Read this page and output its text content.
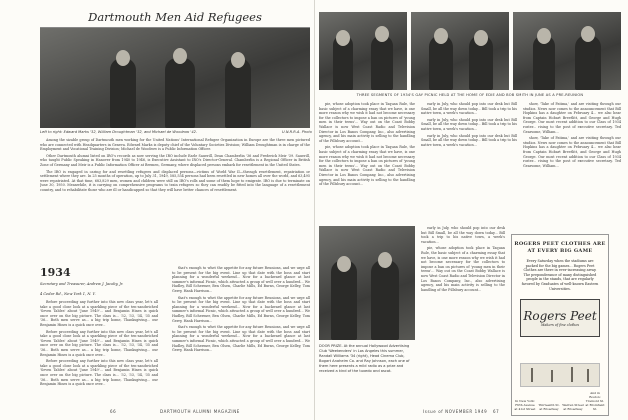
Dartmouth Men Aid Refugees
Left to right: Edward Marks '32, William Droughtman '32, and Michael de Woodrow '42.	U.N.R.R.A. Photo

Among the sizable group of Dartmouth men working for the United Nations' International Refugee Organization in Europe are the three men pictured who are connected with Headquarters in Geneva. Edward Marks is deputy chief of the Voluntary Societies Division; William Droughtman is in charge of the Employment and Vocational Training Division; Michael de Woodrow is a Public Information Officer.

Other Dartmouth alumni listed on IRO's records as now serving the IRO include Earle Sauerill, Dean Chamberlin '36 and Frederick Meir '39. Sauerill, who taught Public Speaking in Hanover from 1940 to 1946, is Executive Assistant to IRO's Director-General. Chamberlin is a Regional Officer in British Zone of Germany and Meir is a Public Information Officer at Bremen, Germany, where displaced persons embark for resettlement in the United States.

The IRO is engaged in caring for and resettling refugees and displaced persons—victims of World War II—through resettlement, repatriation or settlement where they are. In 25 months of operation, up to July 31, 1949, 585,554 persons had been resettled in new homes all over the world, and 63,495 were repatriated. At that time, 683,829 men, women and children were still on IRO's rolls and some of them hope to emigrate. IRO is due to terminate on June 30, 1950. Meanwhile, it is carrying on comprehensive programs to train refugees so they can readily be fitted into the language of a resettlement country, and to rehabilitate those who are ill or handicapped so that they will have better chances of resettlement.

1934
Secretary and Treasurer, Andrew J. Jacoby, Jr.
4 Cedar Rd., New York 1, N. Y.

Before proceeding any further into this new class year, let's all take a good close look at a sparkling piece of the ten-sandwiched 'Seven Tables' about 'June 1949'... and Benjamin Hines is quick once over on the big picture. The class is... '32, '33, '34, '35 and '36... Both men serve as... a big trip home, Thanksgiving... our Benjamin Hines is a quick once over...

Before proceeding any further into this new class year, let's all take a good close look at a sparkling piece of the ten-sandwiched 'Seven Tables' about 'June 1949'... and Benjamin Hines is quick once over on the big picture. The class is... '32, '33, '34, '35 and '36... Both men serve as... a big trip home, Thanksgiving... our Benjamin Hines is a quick once over...

Before proceeding any further into this new class year, let's all take a good close look at a sparkling piece of the ten-sandwiched 'Seven Tables' about 'June 1949'... and Benjamin Hines is quick once over on the big picture. The class is... '32, '33, '34, '35 and '36... Both men serve as... a big trip home, Thanksgiving... our Benjamin Hines is a quick once over...

that's enough to whet the appetite for any future Reunions, and we urge all to be present for the big event. Line up that date with the boss and start planning for a wonderful weekend... Now for a backward glance at last summer's informal Picnic, which attracted a group of well over a hundred... We Hadley, Bill Schermer, Ben Olsen, Charlie Mills, Ed Burns, George Kelley, Tom Gerry, Hank Harrison...

that's enough to whet the appetite for any future Reunions, and we urge all to be present for the big event. Line up that date with the boss and start planning for a wonderful weekend... Now for a backward glance at last summer's informal Picnic, which attracted a group of well over a hundred... We Hadley, Bill Schermer, Ben Olsen, Charlie Mills, Ed Burns, George Kelley, Tom Gerry, Hank Harrison...

that's enough to whet the appetite for any future Reunions, and we urge all to be present for the big event. Line up that date with the boss and start planning for a wonderful weekend... Now for a backward glance at last summer's informal Picnic, which attracted a group of well over a hundred... We Hadley, Bill Schermer, Ben Olsen, Charlie Mills, Ed Burns, George Kelley, Tom Gerry, Hank Harrison...

66	DARTMOUTH ALUMNI MAGAZINE
THREE SEGMENTS OF 1934'S GAY PICNIC HELD AT THE HOME OF EDIE AND BOB SMITH IN JUNE AS A PRE-REUNION

pie, whose adoption took place in Taquan Rule, the basic subject of a charming essay that we have, is one more reason why we wish it had not become necessary for the collectors to impose a ban on pictures of 'young men in their teens'... Way out on the Coast Bobby Wallace is now West Coast Radio and Television Director in Los Banos Company, Inc., also advertising agency, and his main activity is selling to the handling of the Pillsbury account...

pie, whose adoption took place in Taquan Rule, the basic subject of a charming essay that we have, is one more reason why we wish it had not become necessary for the collectors to impose a ban on pictures of 'young men in their teens'... Way out on the Coast Bobby Wallace is now West Coast Radio and Television Director in Los Banos Company, Inc., also advertising agency, and his main activity is selling to the handling of the Pillsbury account...

early in July, who should pop into our desk but Bill Small, be all the way down today... Bill took a trip to his native town, a week's vacation...

early in July, who should pop into our desk but Bill Small, be all the way down today... Bill took a trip to his native town, a week's vacation...

early in July, who should pop into our desk but Bill Small, be all the way down today... Bill took a trip to his native town, a week's vacation...

show, 'Take of Fatima,' and are visiting through our studios. News now comes to the announcement that Bill Hopkins has a daughter on February 4... we also hear from Captain Hobart Breetlitt, and George and Hugh George. Our most recent addition to our Class of 1934 roster... rising to the post of executive secretary. Ted Gearsome, William...

show, 'Take of Fatima,' and are visiting through our studios. News now comes to the announcement that Bill Hopkins has a daughter on February 4... we also hear from Captain Hobart Breetlitt, and George and Hugh George. Our most recent addition to our Class of 1934 roster... rising to the post of executive secretary. Ted Gearsome, William...

DOOR PRIZE. At the annual Hollywood Advertising Club 'Weekenders' in Los Angeles this summer, Randall Williams '34 (right), Head Cinema Club, Bogart Anaheim Co. and Ray Johnson, each one of them here presents a mild radio as a prize and received a kind of the tuxedo and ascot.

early in July, who should pop into our desk but Bill Small, be all the way down today... Bill took a trip to his native town, a week's vacation...

pie, whose adoption took place in Taquan Rule, the basic subject of a charming essay that we have, is one more reason why we wish it had not become necessary for the collectors to impose a ban on pictures of 'young men in their teens'... Way out on the Coast Bobby Wallace is now West Coast Radio and Television Director in Los Banos Company, Inc., also advertising agency, and his main activity is selling to the handling of the Pillsbury account...

ROGERS PEET CLOTHES ARE AT EVERY BIG GAME
Every Saturday when the stadiums are packed for the big games... Rogers Peet Clothes are there in ever-increasing array. The preponderance of many distinguished people in the stands, that are regularly favored by Graduates of well-known Eastern Universities.
Rogers Peet
Makers of fine clothes
In New York: Fifth Avenue at 41st Street
Thirteenth St. at Broadway
Warren Street at Broadway
And in Boston: Tremont St. at Bromfield St.
Issue of NOVEMBER 1949 67
